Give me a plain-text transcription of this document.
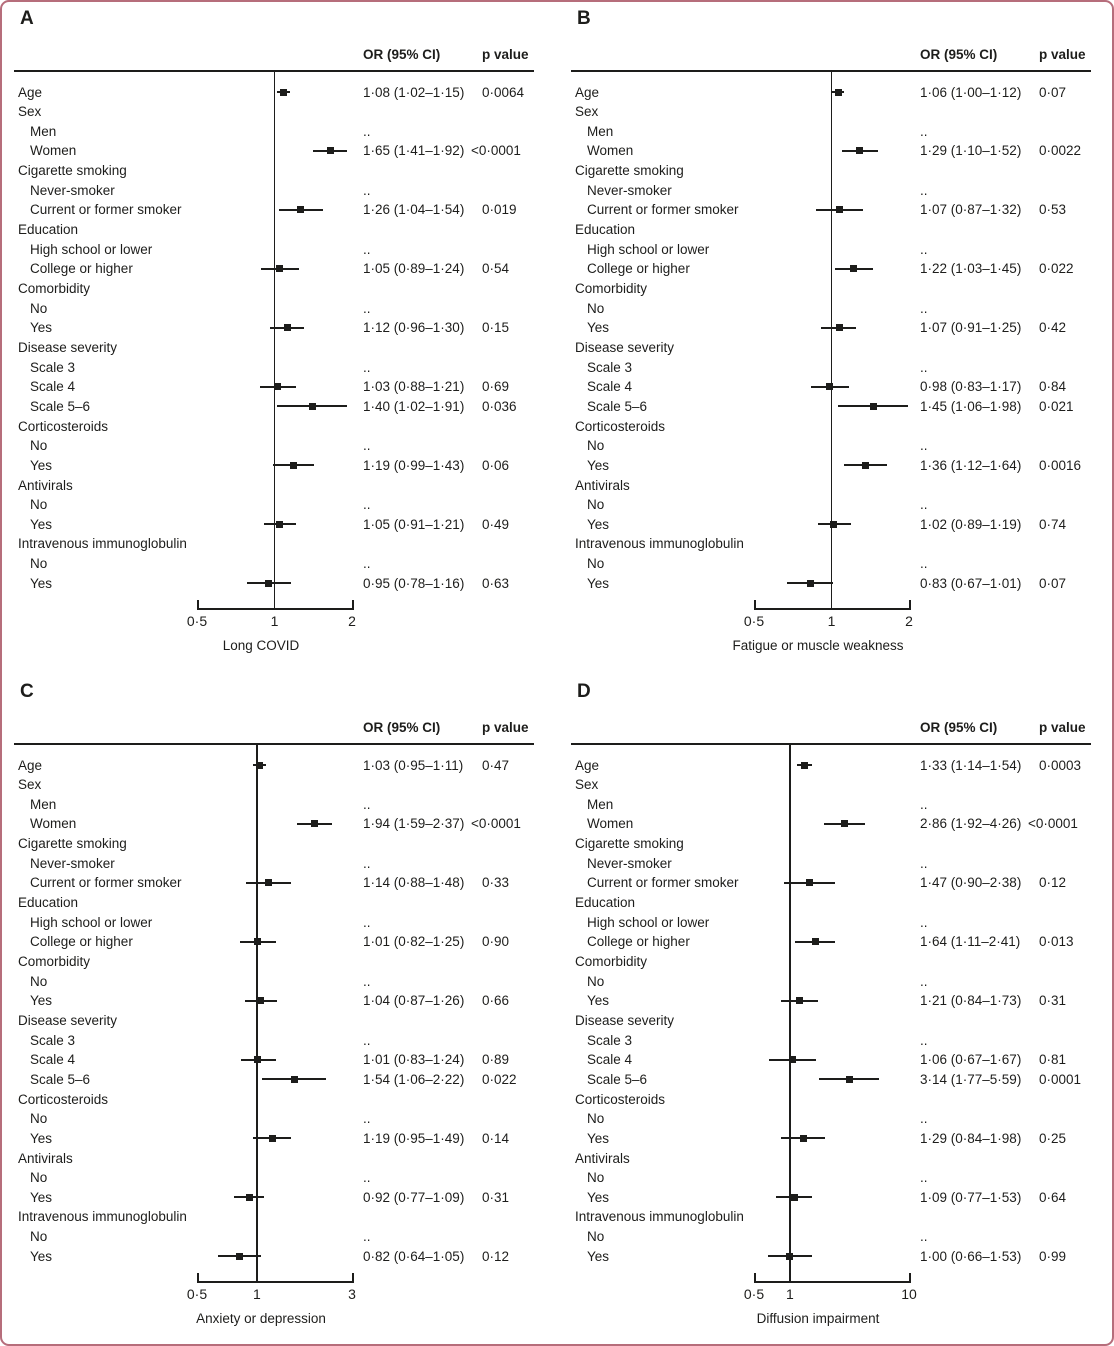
A
OR (95% CI)	p value
Age	1·08 (1·02–1·15) 0·0064
Sex
Men	..
Women	1·65 (1·41–1·92) <0·0001
Cigarette smoking
Never-smoker	..
Current or former smoker	1·26 (1·04–1·54) 0·019
Education
High school or lower	..
College or higher	1·05 (0·89–1·24) 0·54
Comorbidity
No	..
Yes	1·12 (0·96–1·30) 0·15
Disease severity
Scale 3	..
Scale 4	1·03 (0·88–1·21) 0·69
Scale 5–6	1·40 (1·02–1·91) 0·036
Corticosteroids
No	..
Yes	1·19 (0·99–1·43) 0·06
Antivirals
No	..
Yes	1·05 (0·91–1·21) 0·49
Intravenous immunoglobulin
No	..
Yes	0·95 (0·78–1·16) 0·63
0·5	1	2
Long COVID
B
OR (95% CI)	p value
Age	1·06 (1·00–1·12) 0·07
Sex
Men	..
Women	1·29 (1·10–1·52) 0·0022
Cigarette smoking
Never-smoker	..
Current or former smoker	1·07 (0·87–1·32) 0·53
Education
High school or lower	..
College or higher	1·22 (1·03–1·45) 0·022
Comorbidity
No	..
Yes	1·07 (0·91–1·25) 0·42
Disease severity
Scale 3	..
Scale 4	0·98 (0·83–1·17) 0·84
Scale 5–6	1·45 (1·06–1·98) 0·021
Corticosteroids
No	..
Yes	1·36 (1·12–1·64) 0·0016
Antivirals
No	..
Yes	1·02 (0·89–1·19) 0·74
Intravenous immunoglobulin
No	..
Yes	0·83 (0·67–1·01) 0·07
0·5	1	2
Fatigue or muscle weakness
C
OR (95% CI)	p value
Age	1·03 (0·95–1·11) 0·47
Sex
Men	..
Women	1·94 (1·59–2·37) <0·0001
Cigarette smoking
Never-smoker	..
Current or former smoker	1·14 (0·88–1·48) 0·33
Education
High school or lower	..
College or higher	1·01 (0·82–1·25) 0·90
Comorbidity
No	..
Yes	1·04 (0·87–1·26) 0·66
Disease severity
Scale 3	..
Scale 4	1·01 (0·83–1·24) 0·89
Scale 5–6	1·54 (1·06–2·22) 0·022
Corticosteroids
No	..
Yes	1·19 (0·95–1·49) 0·14
Antivirals
No	..
Yes	0·92 (0·77–1·09) 0·31
Intravenous immunoglobulin
No	..
Yes	0·82 (0·64–1·05) 0·12
0·5	1	3
Anxiety or depression
D
OR (95% CI)	p value
Age	1·33 (1·14–1·54) 0·0003
Sex
Men	..
Women	2·86 (1·92–4·26) <0·0001
Cigarette smoking
Never-smoker	..
Current or former smoker	1·47 (0·90–2·38) 0·12
Education
High school or lower	..
College or higher	1·64 (1·11–2·41) 0·013
Comorbidity
No	..
Yes	1·21 (0·84–1·73) 0·31
Disease severity
Scale 3	..
Scale 4	1·06 (0·67–1·67) 0·81
Scale 5–6	3·14 (1·77–5·59) 0·0001
Corticosteroids
No	..
Yes	1·29 (0·84–1·98) 0·25
Antivirals
No	..
Yes	1·09 (0·77–1·53) 0·64
Intravenous immunoglobulin
No	..
Yes	1·00 (0·66–1·53) 0·99
0·5 1	10
Diffusion impairment
